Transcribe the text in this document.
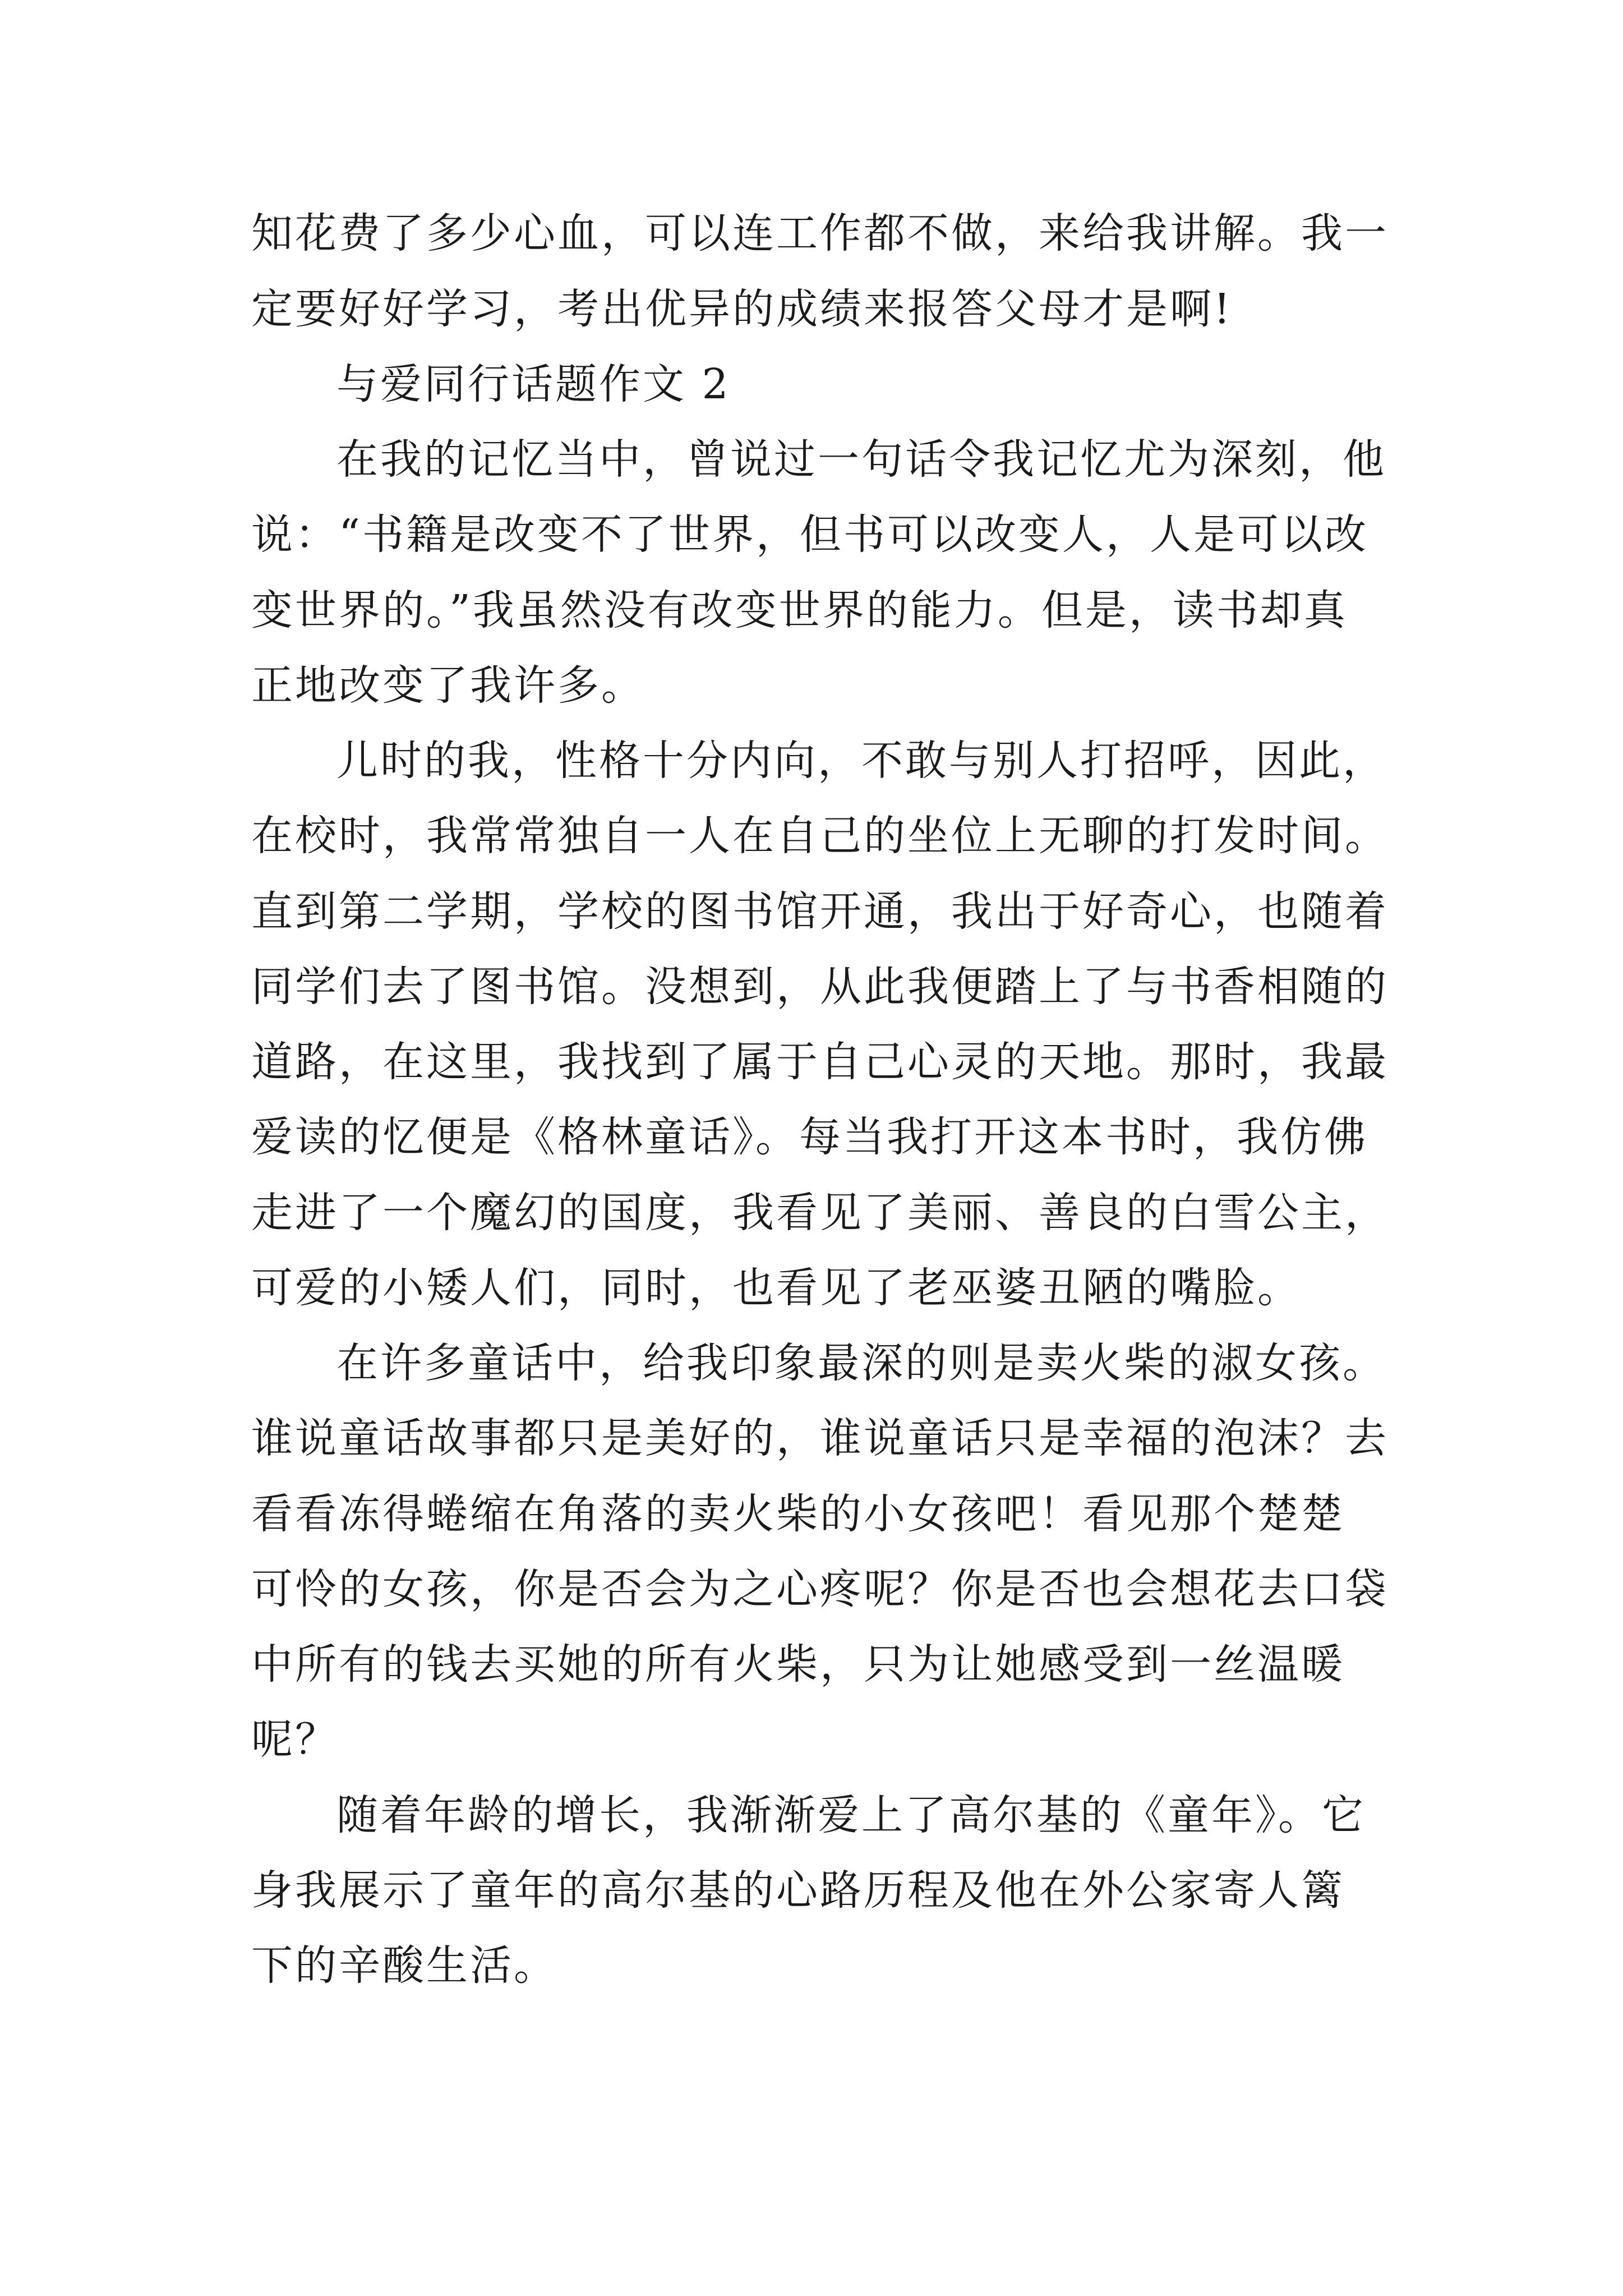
知花费了多少心血，可以连工作都不做，来给我讲解。我一
定要好好学习，考出优异的成绩来报答父母才是啊!
与爱同行话题作文 2
在我的记忆当中，曾说过一句话令我记忆尤为深刻，他
说：“书籍是改变不了世界，但书可以改变人，人是可以改
变世界的。”我虽然没有改变世界的能力。但是，读书却真
正地改变了我许多。
儿时的我，性格十分内向，不敢与别人打招呼，因此，
在校时，我常常独自一人在自己的坐位上无聊的打发时间。
直到第二学期，学校的图书馆开通，我出于好奇心，也随着
同学们去了图书馆。没想到，从此我便踏上了与书香相随的
道路，在这里，我找到了属于自己心灵的天地。那时，我最
爱读的忆便是《格林童话》。每当我打开这本书时，我仿佛
走进了一个魔幻的国度，我看见了美丽、善良的白雪公主，
可爱的小矮人们，同时，也看见了老巫婆丑陋的嘴脸。
在许多童话中，给我印象最深的则是卖火柴的淑女孩。
谁说童话故事都只是美好的，谁说童话只是幸福的泡沫？去
看看冻得蜷缩在角落的卖火柴的小女孩吧！看见那个楚楚
可怜的女孩，你是否会为之心疼呢？你是否也会想花去口袋
中所有的钱去买她的所有火柴，只为让她感受到一丝温暖
呢？
随着年龄的增长，我渐渐爱上了高尔基的《童年》。它
身我展示了童年的高尔基的心路历程及他在外公家寄人篱
下的辛酸生活。
